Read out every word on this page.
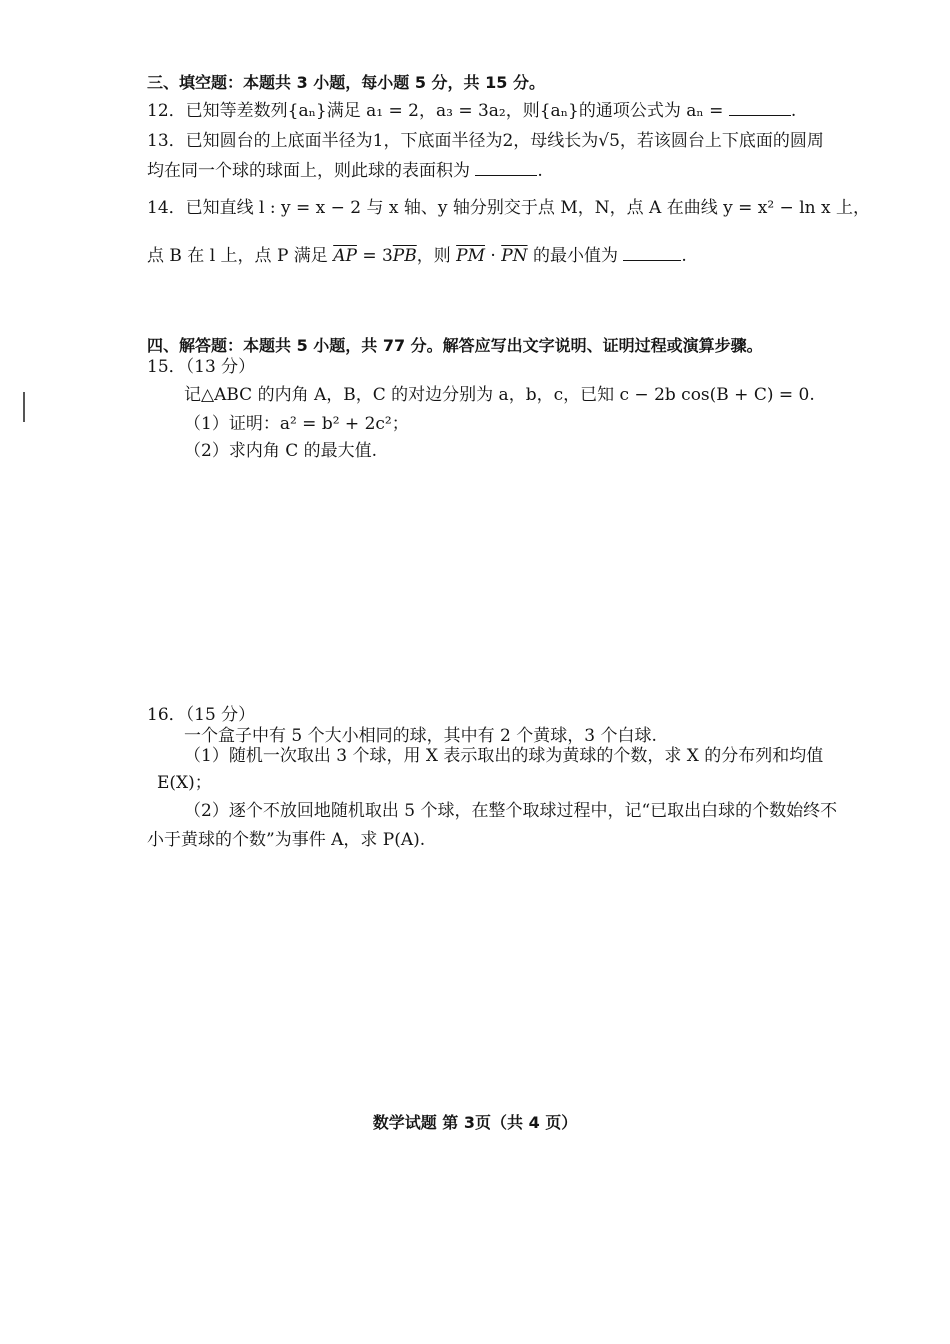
三、填空题：本题共 3 小题，每小题 5 分，共 15 分。
12．已知等差数列{aₙ}满足 a₁ = 2，a₃ = 3a₂，则{aₙ}的通项公式为 aₙ =	.
13．已知圆台的上底面半径为1，下底面半径为2，母线长为√5，若该圆台上下底面的圆周
均在同一个球的球面上，则此球的表面积为	.
14．已知直线 l : y = x − 2 与 x 轴、y 轴分别交于点 M，N，点 A 在曲线 y = x² − ln x 上，
点 B 在 l 上，点 P 满足 $\overline{AP} = 3\overline{PB}$，则 $\overline{PM} \cdot \overline{PN}$ 的最小值为	.
四、解答题：本题共 5 小题，共 77 分。解答应写出文字说明、证明过程或演算步骤。
15．（13 分）
记△ABC 的内角 A，B，C 的对边分别为 a，b，c，已知 c − 2b cos(B + C) = 0.
（1）证明：a² = b² + 2c²；
（2）求内角 C 的最大值.
16．（15 分）
一个盒子中有 5 个大小相同的球，其中有 2 个黄球，3 个白球.
（1）随机一次取出 3 个球，用 X 表示取出的球为黄球的个数，求 X 的分布列和均值
E(X)；
（2）逐个不放回地随机取出 5 个球，在整个取球过程中，记“已取出白球的个数始终不
小于黄球的个数”为事件 A，求 P(A).
数学试题 第 3页（共 4 页）
